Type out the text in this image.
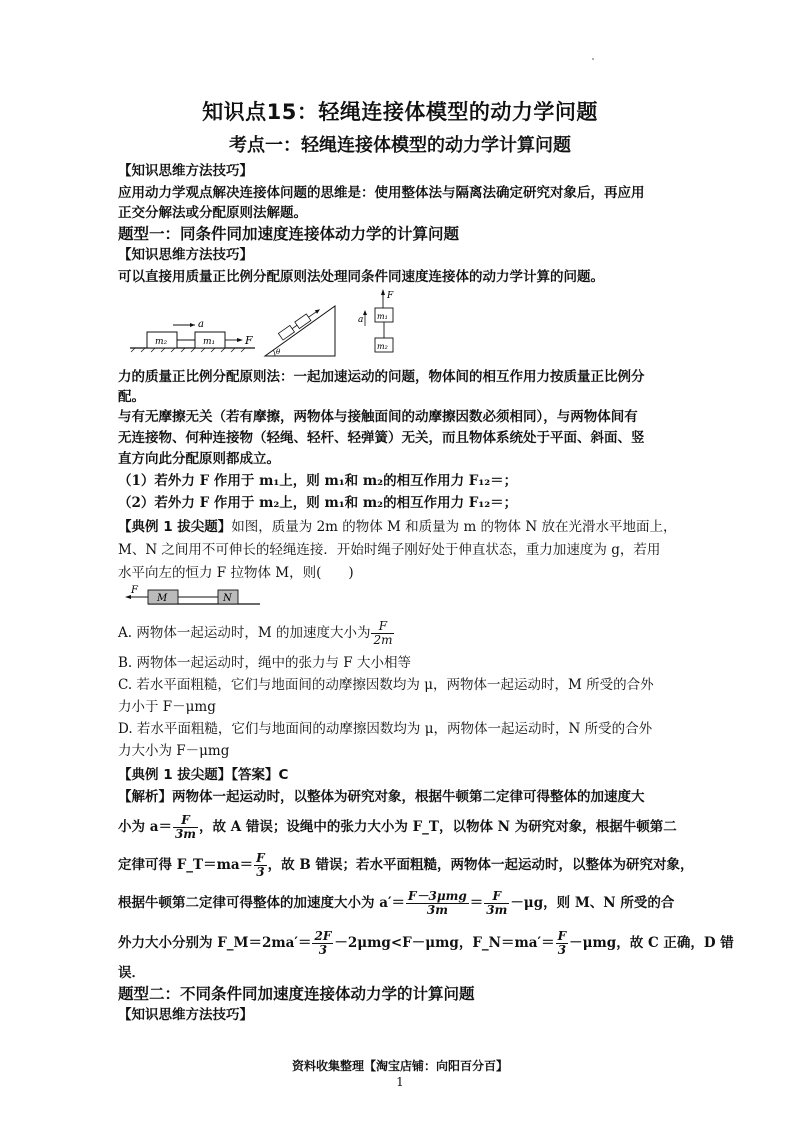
知识点15：轻绳连接体模型的动力学问题
考点一：轻绳连接体模型的动力学计算问题
【知识思维方法技巧】
应用动力学观点解决连接体问题的思维是：使用整体法与隔离法确定研究对象后，再应用
正交分解法或分配原则法解题。
题型一：同条件同加速度连接体动力学的计算问题
【知识思维方法技巧】
可以直接用质量正比例分配原则法处理同条件同速度连接体的动力学计算的问题。
m₂	m₁
a
F
θ
F
m₁
m₂
a
力的质量正比例分配原则法：一起加速运动的问题，物体间的相互作用力按质量正比例分
配。
与有无摩擦无关（若有摩擦，两物体与接触面间的动摩擦因数必须相同），与两物体间有
无连接物、何种连接物（轻绳、轻杆、轻弹簧）无关，而且物体系统处于平面、斜面、竖
直方向此分配原则都成立。
（1）若外力 F 作用于 m₁上，则 m₁和 m₂的相互作用力 F₁₂＝；
（2）若外力 F 作用于 m₂上，则 m₁和 m₂的相互作用力 F₁₂＝；
【典例 1 拔尖题】如图，质量为 2m 的物体 M 和质量为 m 的物体 N 放在光滑水平地面上，
M、N 之间用不可伸长的轻绳连接．开始时绳子刚好处于伸直状态，重力加速度为 g，若用
水平向左的恒力 F 拉物体 M，则(　　)
F
M	N
A. 两物体一起运动时，M 的加速度大小为 $\frac{F}{2m}$
B. 两物体一起运动时，绳中的张力与 F 大小相等
C. 若水平面粗糙，它们与地面间的动摩擦因数均为 μ，两物体一起运动时，M 所受的合外
力小于 F－μmg
D. 若水平面粗糙，它们与地面间的动摩擦因数均为 μ，两物体一起运动时，N 所受的合外
力大小为 F－μmg
【典例 1 拔尖题】【答案】C
【解析】两物体一起运动时，以整体为研究对象，根据牛顿第二定律可得整体的加速度大
小为 $a= \frac{F}{3m}$ ，故 A 错误；设绳中的张力大小为 F_T，以物体 N 为研究对象，根据牛顿第二
定律可得 F_T＝ma＝ $\frac{F}{3}$ ，故 B 错误；若水平面粗糙，两物体一起运动时，以整体为研究对象，
根据牛顿第二定律可得整体的加速度大小为 $a'= \frac{\text{F－3μmg}}{3m} = \frac{F}{3m} -\mu g$，则 M、N 所受的合
外力大小分别为 F_M＝2ma′＝ $\frac{2F}{3} -2\mu mg<F-\mu mg$，F_N＝ma′＝ $\frac{F}{3} -\mu mg$，故 C 正确，D 错
误．
题型二：不同条件同加速度连接体动力学的计算问题
【知识思维方法技巧】
资料收集整理【淘宝店铺：向阳百分百】
1
